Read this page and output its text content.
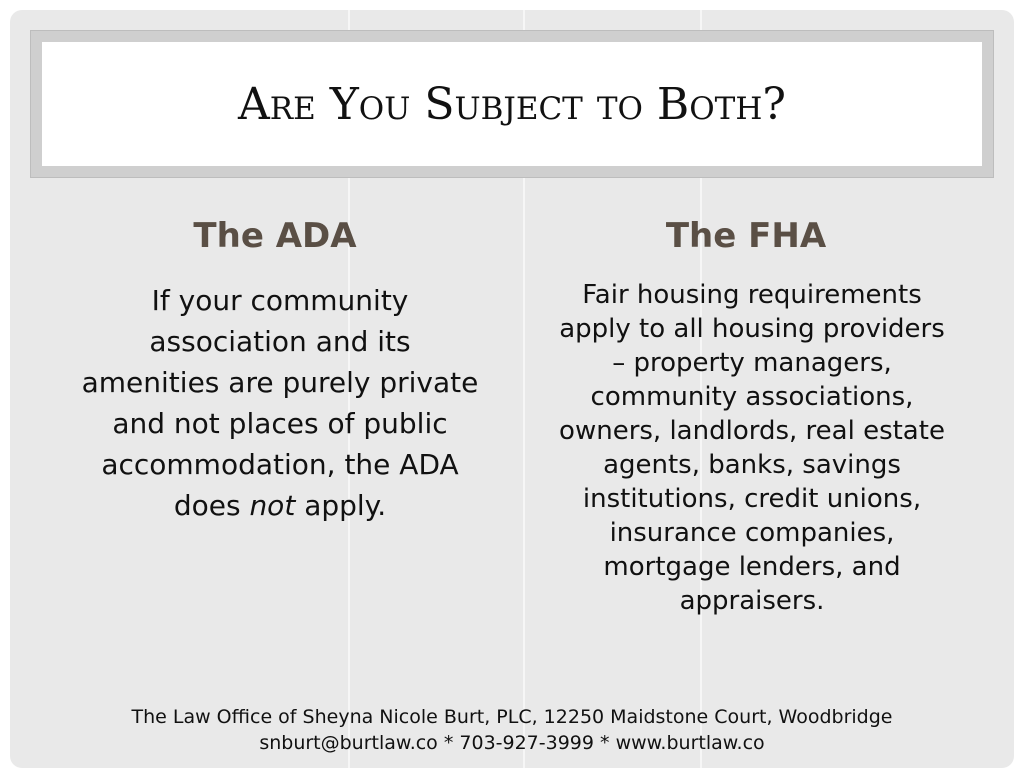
Are You Subject to Both?
The ADA
If your community association and its amenities are purely private and not places of public accommodation, the ADA does not apply.
The FHA
Fair housing requirements apply to all housing providers – property managers, community associations, owners, landlords, real estate agents, banks, savings institutions, credit unions, insurance companies, mortgage lenders, and appraisers.
The Law Office of Sheyna Nicole Burt, PLC, 12250 Maidstone Court, Woodbridge
snburt@burtlaw.co * 703-927-3999 * www.burtlaw.co
